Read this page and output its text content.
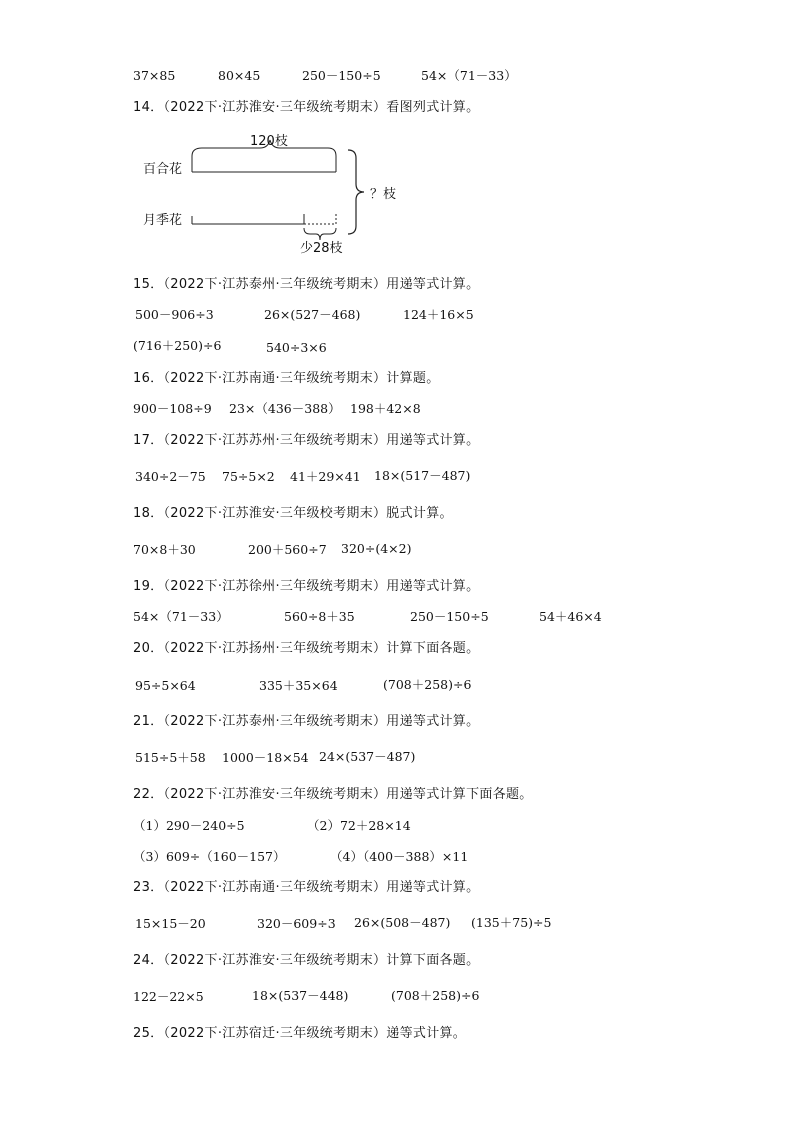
37×85	80×45	250－150÷5	54×（71－33）
14．（2022下·江苏淮安·三年级统考期末）看图列式计算。
120枝
百合花
月季花
少28枝
？枝
15．（2022下·江苏泰州·三年级统考期末）用递等式计算。
500－906÷3	26×(527－468)	124＋16×5
(716＋250)÷6	540÷3×6
16．（2022下·江苏南通·三年级统考期末）计算题。
900－108÷9 23×（436－388） 198＋42×8
17．（2022下·江苏苏州·三年级统考期末）用递等式计算。
340÷2－75 75÷5×2 41＋29×41 18×(517－487)
18．（2022下·江苏淮安·三年级校考期末）脱式计算。
70×8＋30	200＋560÷7 320÷(4×2)
19．（2022下·江苏徐州·三年级统考期末）用递等式计算。
54×（71－33）	560÷8＋35	250－150÷5	54＋46×4
20．（2022下·江苏扬州·三年级统考期末）计算下面各题。
95÷5×64	335＋35×64	(708＋258)÷6
21．（2022下·江苏泰州·三年级统考期末）用递等式计算。
515÷5＋58 1000－18×54 24×(537－487)
22．（2022下·江苏淮安·三年级统考期末）用递等式计算下面各题。
（1）290－240÷5	（2）72＋28×14
（3）609÷（160－157）	（4）（400－388）×11
23．（2022下·江苏南通·三年级统考期末）用递等式计算。
15×15－20	320－609÷3 26×(508－487) (135＋75)÷5
24．（2022下·江苏淮安·三年级统考期末）计算下面各题。
122－22×5	18×(537－448)	(708＋258)÷6
25．（2022下·江苏宿迁·三年级统考期末）递等式计算。
